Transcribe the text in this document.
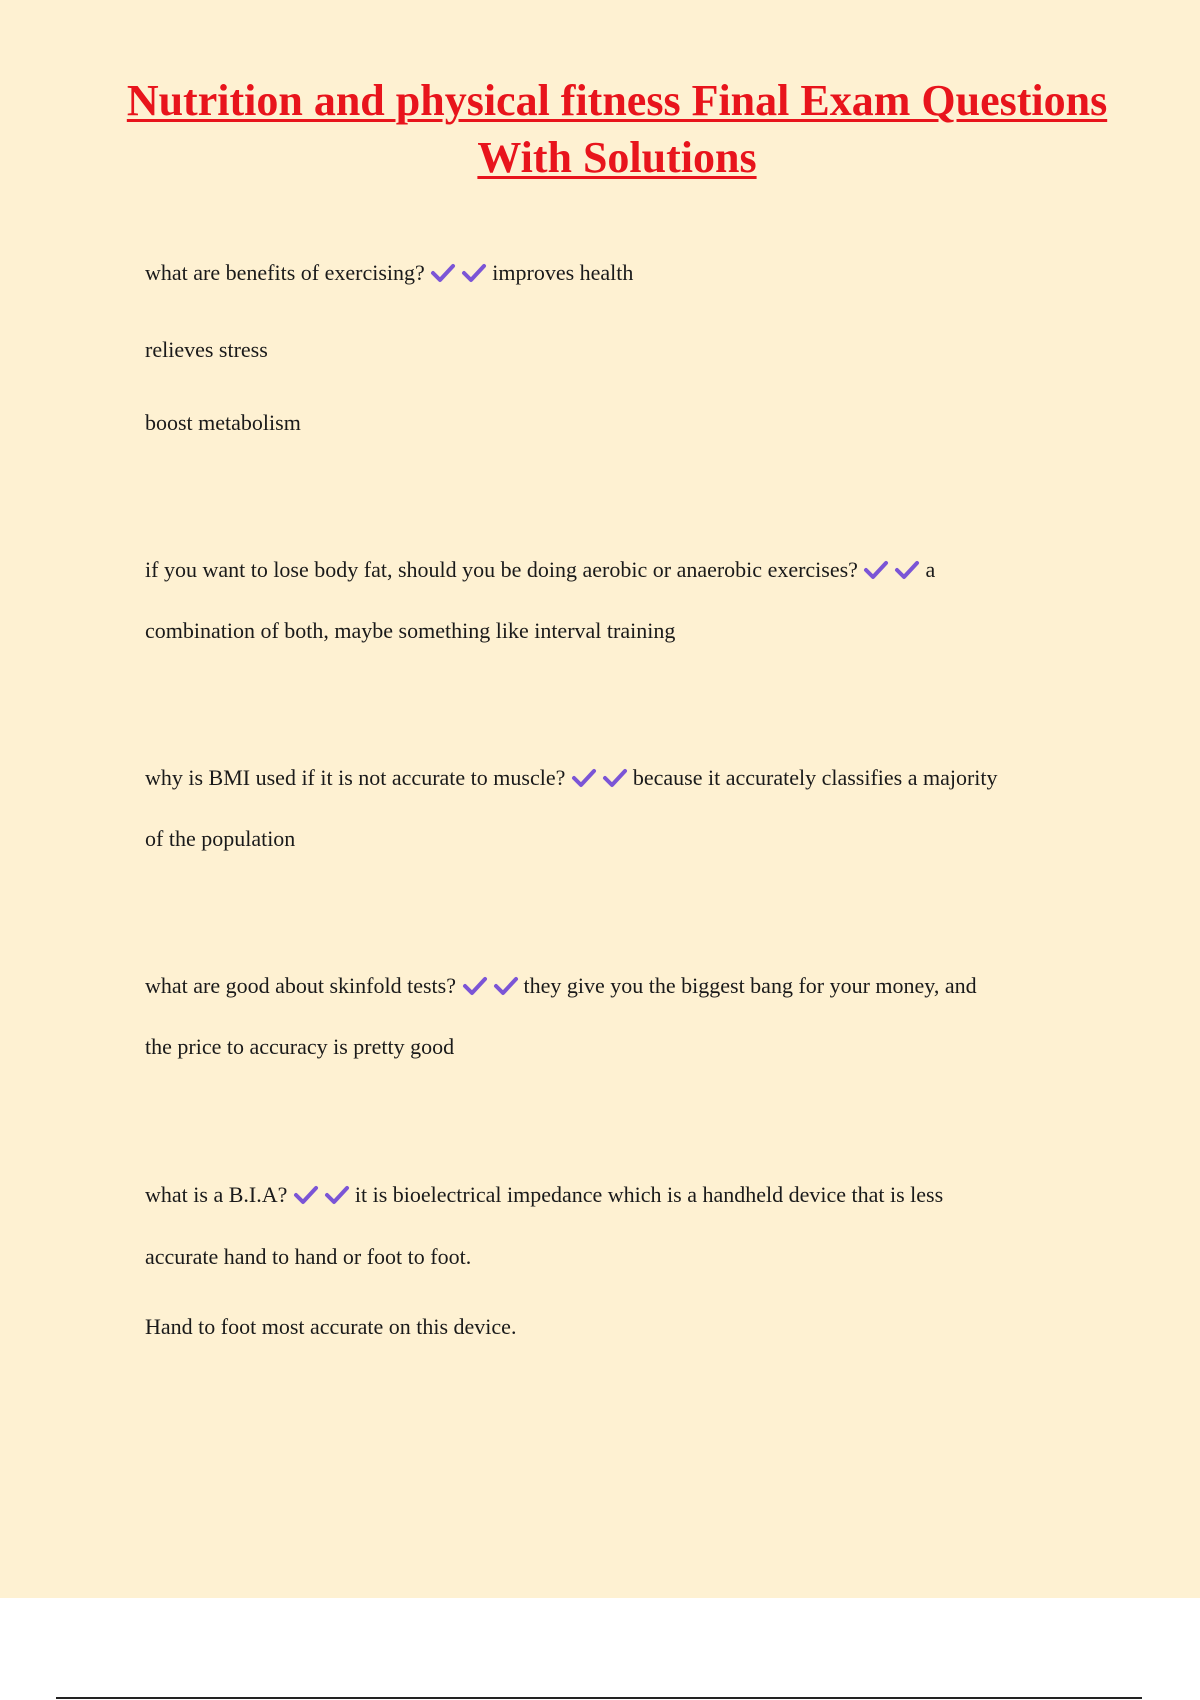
Nutrition and physical fitness Final Exam Questions With Solutions

what are benefits of exercising?	improves health

relieves stress

boost metabolism

if you want to lose body fat, should you be doing aerobic or anaerobic exercises?	a

combination of both, maybe something like interval training

why is BMI used if it is not accurate to muscle?	because it accurately classifies a majority

of the population

what are good about skinfold tests?	they give you the biggest bang for your money, and

the price to accuracy is pretty good

what is a B.I.A?	it is bioelectrical impedance which is a handheld device that is less

accurate hand to hand or foot to foot.

Hand to foot most accurate on this device.
